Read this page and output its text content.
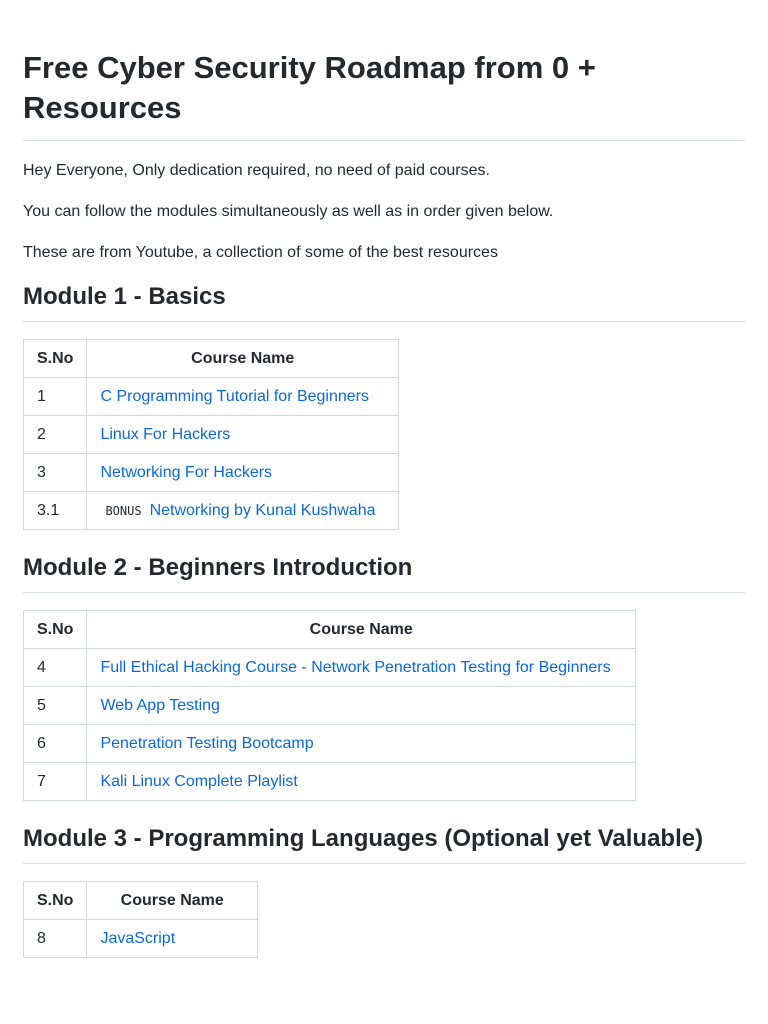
Free Cyber Security Roadmap from 0 + Resources

Hey Everyone, Only dedication required, no need of paid courses.

You can follow the modules simultaneously as well as in order given below.

These are from Youtube, a collection of some of the best resources

Module 1 - Basics
S.No	Course Name
1	C Programming Tutorial for Beginners
2	Linux For Hackers
3	Networking For Hackers
3.1	BONUS Networking by Kunal Kushwaha
Module 2 - Beginners Introduction
S.No	Course Name
4	Full Ethical Hacking Course - Network Penetration Testing for Beginners
5	Web App Testing
6	Penetration Testing Bootcamp
7	Kali Linux Complete Playlist
Module 3 - Programming Languages (Optional yet Valuable)
S.No	Course Name
8	JavaScript
